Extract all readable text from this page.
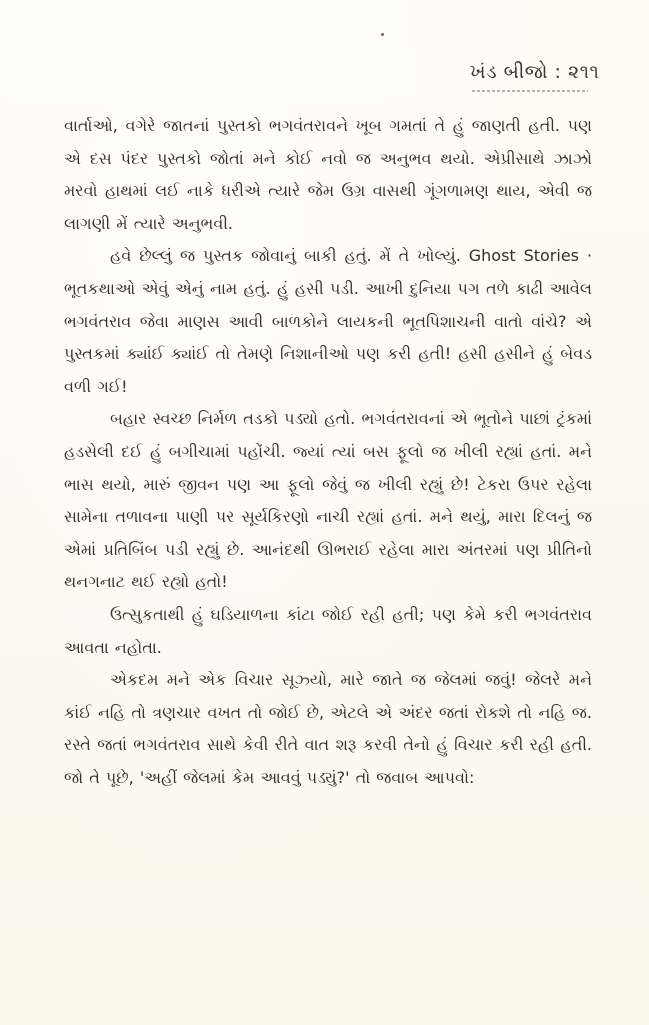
ખંડ બીજો : ૨૧૧

વાર્તાઓ, વગેરે જાતનાં પુસ્તકો ભગવંતરાવને ખૂબ ગમતાં તે હું જાણતી હતી. પણ એ દસ પંદર પુસ્તકો જોતાં મને કોઈ નવો જ અનુભવ થયો. એપ્રીસાથે ઝાઝો મરવો હાથમાં લઈ નાકે ધરીએ ત્યારે જેમ ઉગ્ર વાસથી ગૂંગળામણ થાય, એવી જ લાગણી મેં ત્યારે અનુભવી.

હવે છેલ્લું જ પુસ્તક જોવાનું બાકી હતું. મેં તે ખોલ્યું. Ghost Stories · ભૂતકથાઓ એવું એનું નામ હતું. હું હસી પડી. આખી દુનિયા પગ તળે કાઢી આવેલ ભગવંતરાવ જેવા માણસ આવી બાળકોને લાયકની ભૂતપિશાચની વાતો વાંચે? એ પુસ્તકમાં ક્યાંઈ ક્યાંઈ તો તેમણે નિશાનીઓ પણ કરી હતી! હસી હસીને હું બેવડ વળી ગઈ!

બહાર સ્વચ્છ નિર્મળ તડકો પડ્યો હતો. ભગવંતરાવનાં એ ભૂતોને પાછાં ટ્રંકમાં હડસેલી દઈ હું બગીચામાં પહોંચી. જ્યાં ત્યાં બસ ફૂલો જ ખીલી રહ્યાં હતાં. મને ભાસ થયો, મારું જીવન પણ આ ફૂલો જેવું જ ખીલી રહ્યું છે! ટેકરા ઉપર રહેલા સામેના તળાવના પાણી પર સૂર્યકિરણો નાચી રહ્યાં હતાં. મને થયું, મારા દિલનું જ એમાં પ્રતિબિંબ પડી રહ્યું છે. આનંદથી ઊભરાઈ રહેલા મારા અંતરમાં પણ પ્રીતિનો થનગનાટ થઈ રહ્યો હતો!

ઉત્સુકતાથી હું ઘડિયાળના કાંટા જોઈ રહી હતી; પણ કેમે કરી ભગવંતરાવ આવતા નહોતા.

એકદમ મને એક વિચાર સૂઝ્યો, મારે જાતે જ જેલમાં જવું! જેલરે મને કાંઈ નહિ તો ત્રણચાર વખત તો જોઈ છે, એટલે એ અંદર જતાં રોકશે તો નહિ જ. રસ્તે જતાં ભગવંતરાવ સાથે કેવી રીતે વાત શરૂ કરવી તેનો હું વિચાર કરી રહી હતી. જો તે પૂછે, 'અહીં જેલમાં કેમ આવવું પડ્યું?' તો જવાબ આપવો:
